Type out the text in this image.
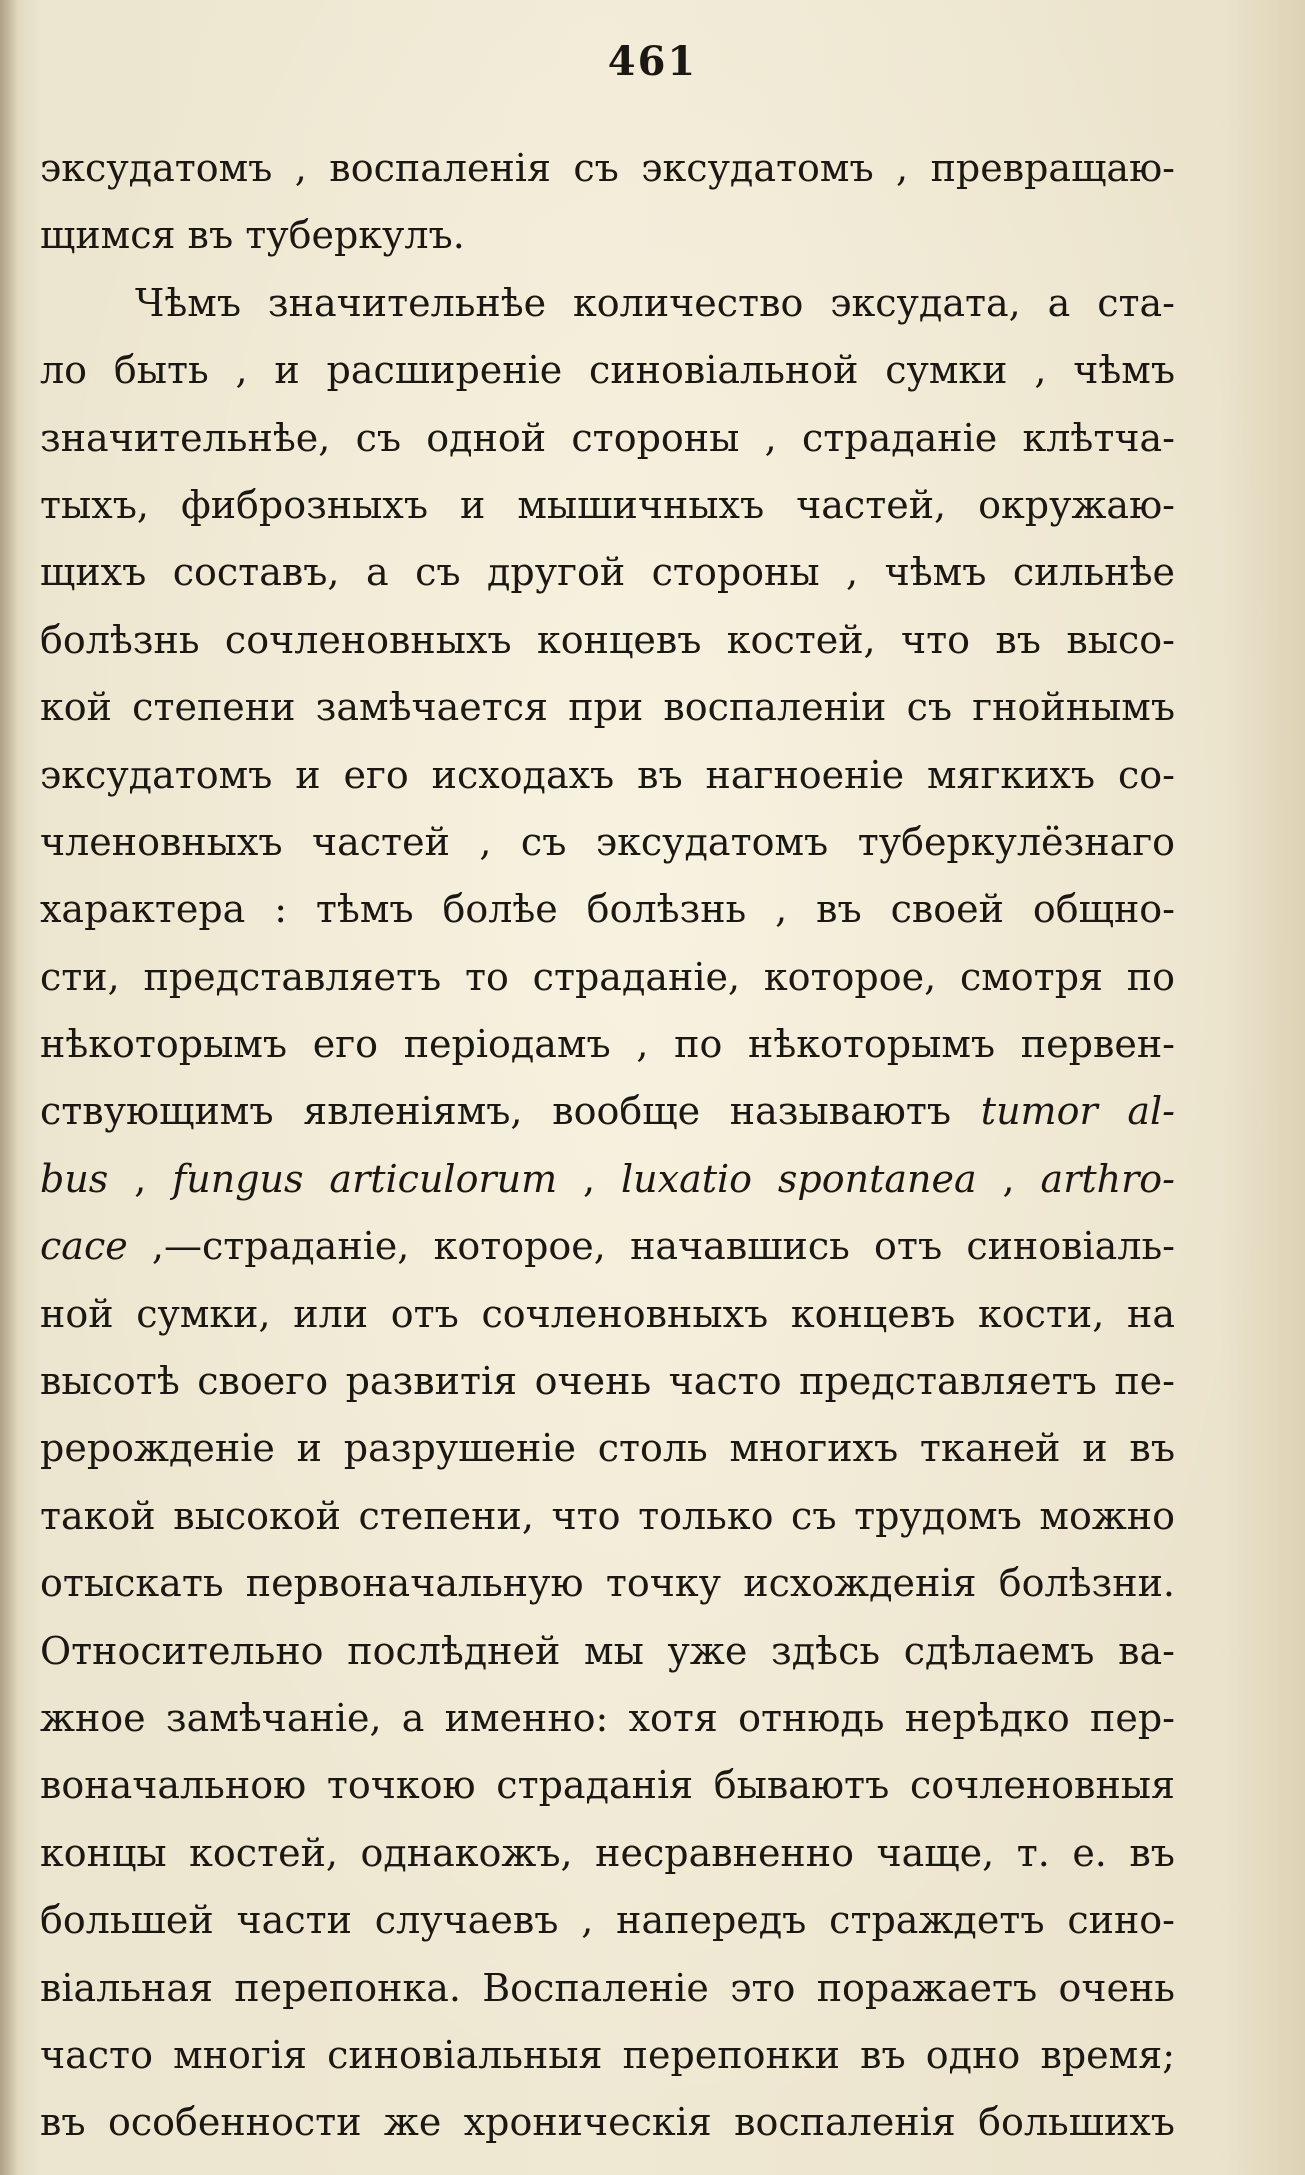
461
эксудатомъ , воспаленія съ эксудатомъ , превращаю-
щимся въ туберкулъ.
Чѣмъ значительнѣе количество эксудата, а ста-
ло быть , и расширеніе синовіальной сумки , чѣмъ
значительнѣе, съ одной стороны , страданіе клѣтча-
тыхъ, фиброзныхъ и мышичныхъ частей, окружаю-
щихъ составъ, а съ другой стороны , чѣмъ сильнѣе
болѣзнь сочленовныхъ концевъ костей, что въ высо-
кой степени замѣчается при воспаленіи съ гнойнымъ
эксудатомъ и его исходахъ въ нагноеніе мягкихъ со-
члeновныхъ частей , съ эксудатомъ туберкулёзнаго
характера : тѣмъ болѣе болѣзнь , въ своей общно-
сти, представляетъ то страданіе, которое, смотря по
нѣкоторымъ его періодамъ , по нѣкоторымъ первен-
ствующимъ явленіямъ, вообще называютъ tumor al-
bus , fungus articulorum , luxatio spontanea , arthro-
cace ,—страданіе, которое, начавшись отъ синовіаль-
ной сумки, или отъ сочленовныхъ концевъ кости, на
высотѣ своего развитія очень часто представляетъ пе-
рерожденіе и разрушеніе столь многихъ тканей и въ
такой высокой степени, что только съ трудомъ можно
отыскать первоначальную точку исхожденія болѣзни.
Относительно послѣдней мы уже здѣсь сдѣлаемъ ва-
жное замѣчаніе, а именно: хотя отнюдь нерѣдко пер-
воначальною точкою страданія бываютъ сочленовныя
концы костей, однакожъ, несравненно чаще, т. е. въ
большей части случаевъ , напередъ страждетъ сино-
віальная перепонка. Воспаленіе это поражаетъ очень
часто многія синовіальныя перепонки въ одно время;
въ особенности же хроническія воспаленія большихъ
